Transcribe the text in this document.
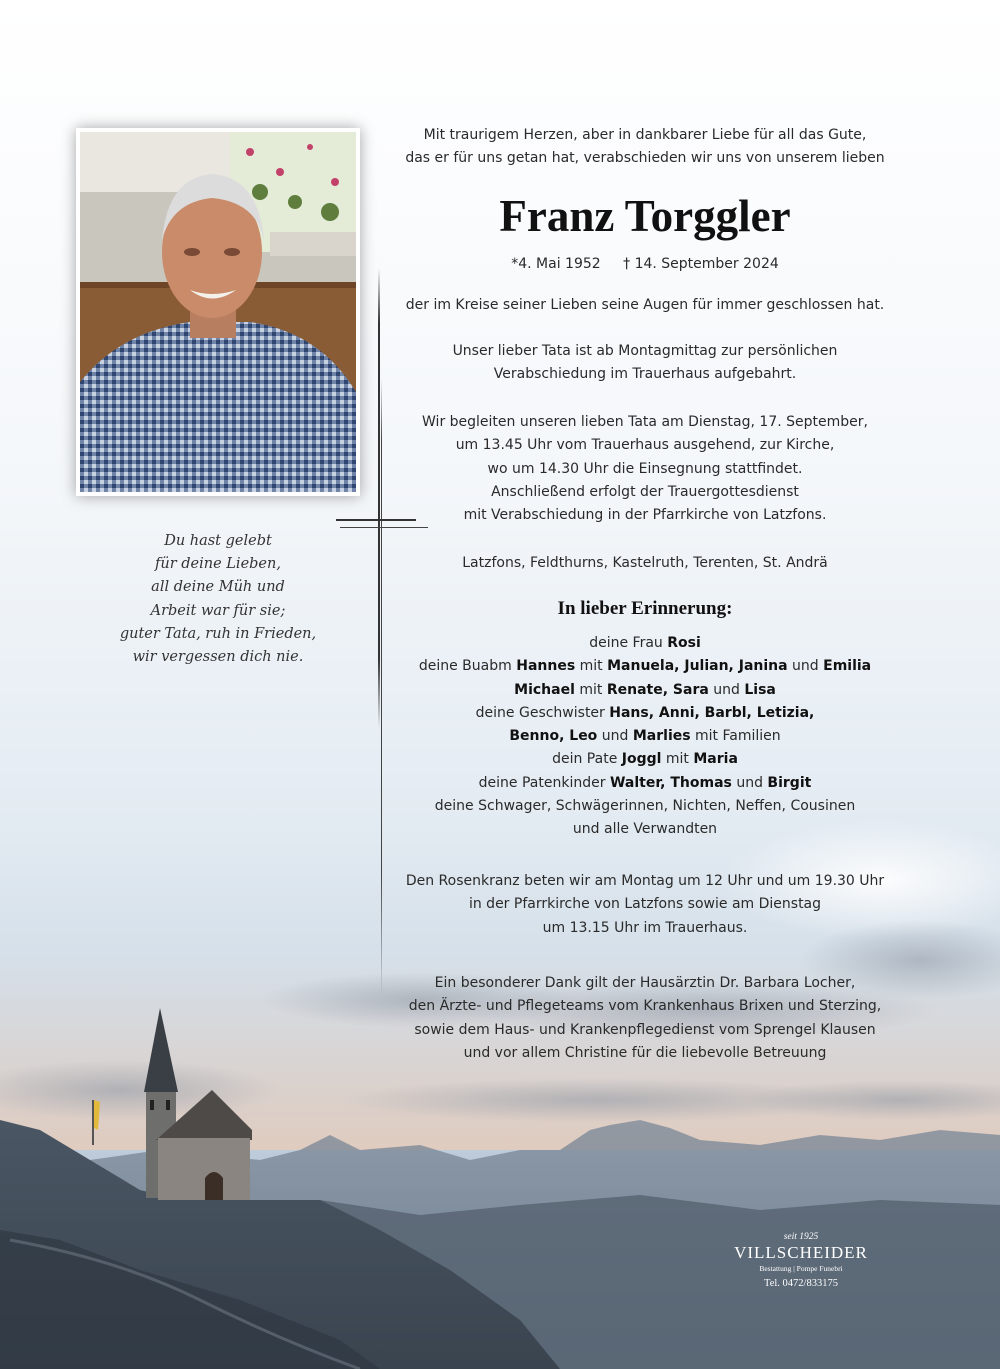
Du hast gelebt
für deine Lieben,
all deine Müh und
Arbeit war für sie;
guter Tata, ruh in Frieden,
wir vergessen dich nie.
Mit traurigem Herzen, aber in dankbarer Liebe für all das Gute,
das er für uns getan hat, verabschieden wir uns von unserem lieben
Franz Torggler
*4. Mai 1952 † 14. September 2024
der im Kreise seiner Lieben seine Augen für immer geschlossen hat.
Unser lieber Tata ist ab Montagmittag zur persönlichen
Verabschiedung im Trauerhaus aufgebahrt.
Wir begleiten unseren lieben Tata am Dienstag, 17. September,
um 13.45 Uhr vom Trauerhaus ausgehend, zur Kirche,
wo um 14.30 Uhr die Einsegnung stattfindet.
Anschließend erfolgt der Trauergottesdienst
mit Verabschiedung in der Pfarrkirche von Latzfons.
Latzfons, Feldthurns, Kastelruth, Terenten, St. Andrä
In lieber Erinnerung:
deine Frau Rosi
deine Buabm Hannes mit Manuela, Julian, Janina und Emilia
Michael mit Renate, Sara und Lisa
deine Geschwister Hans, Anni, Barbl, Letizia,
Benno, Leo und Marlies mit Familien
dein Pate Joggl mit Maria
deine Patenkinder Walter, Thomas und Birgit
deine Schwager, Schwägerinnen, Nichten, Neffen, Cousinen
und alle Verwandten
Den Rosenkranz beten wir am Montag um 12 Uhr und um 19.30 Uhr
in der Pfarrkirche von Latzfons sowie am Dienstag
um 13.15 Uhr im Trauerhaus.
Ein besonderer Dank gilt der Hausärztin Dr. Barbara Locher,
den Ärzte- und Pflegeteams vom Krankenhaus Brixen und Sterzing,
sowie dem Haus- und Krankenpflegedienst vom Sprengel Klausen
und vor allem Christine für die liebevolle Betreuung
seit 1925
VILLSCHEIDER
Bestattung | Pompe Funebri
Tel. 0472/833175
